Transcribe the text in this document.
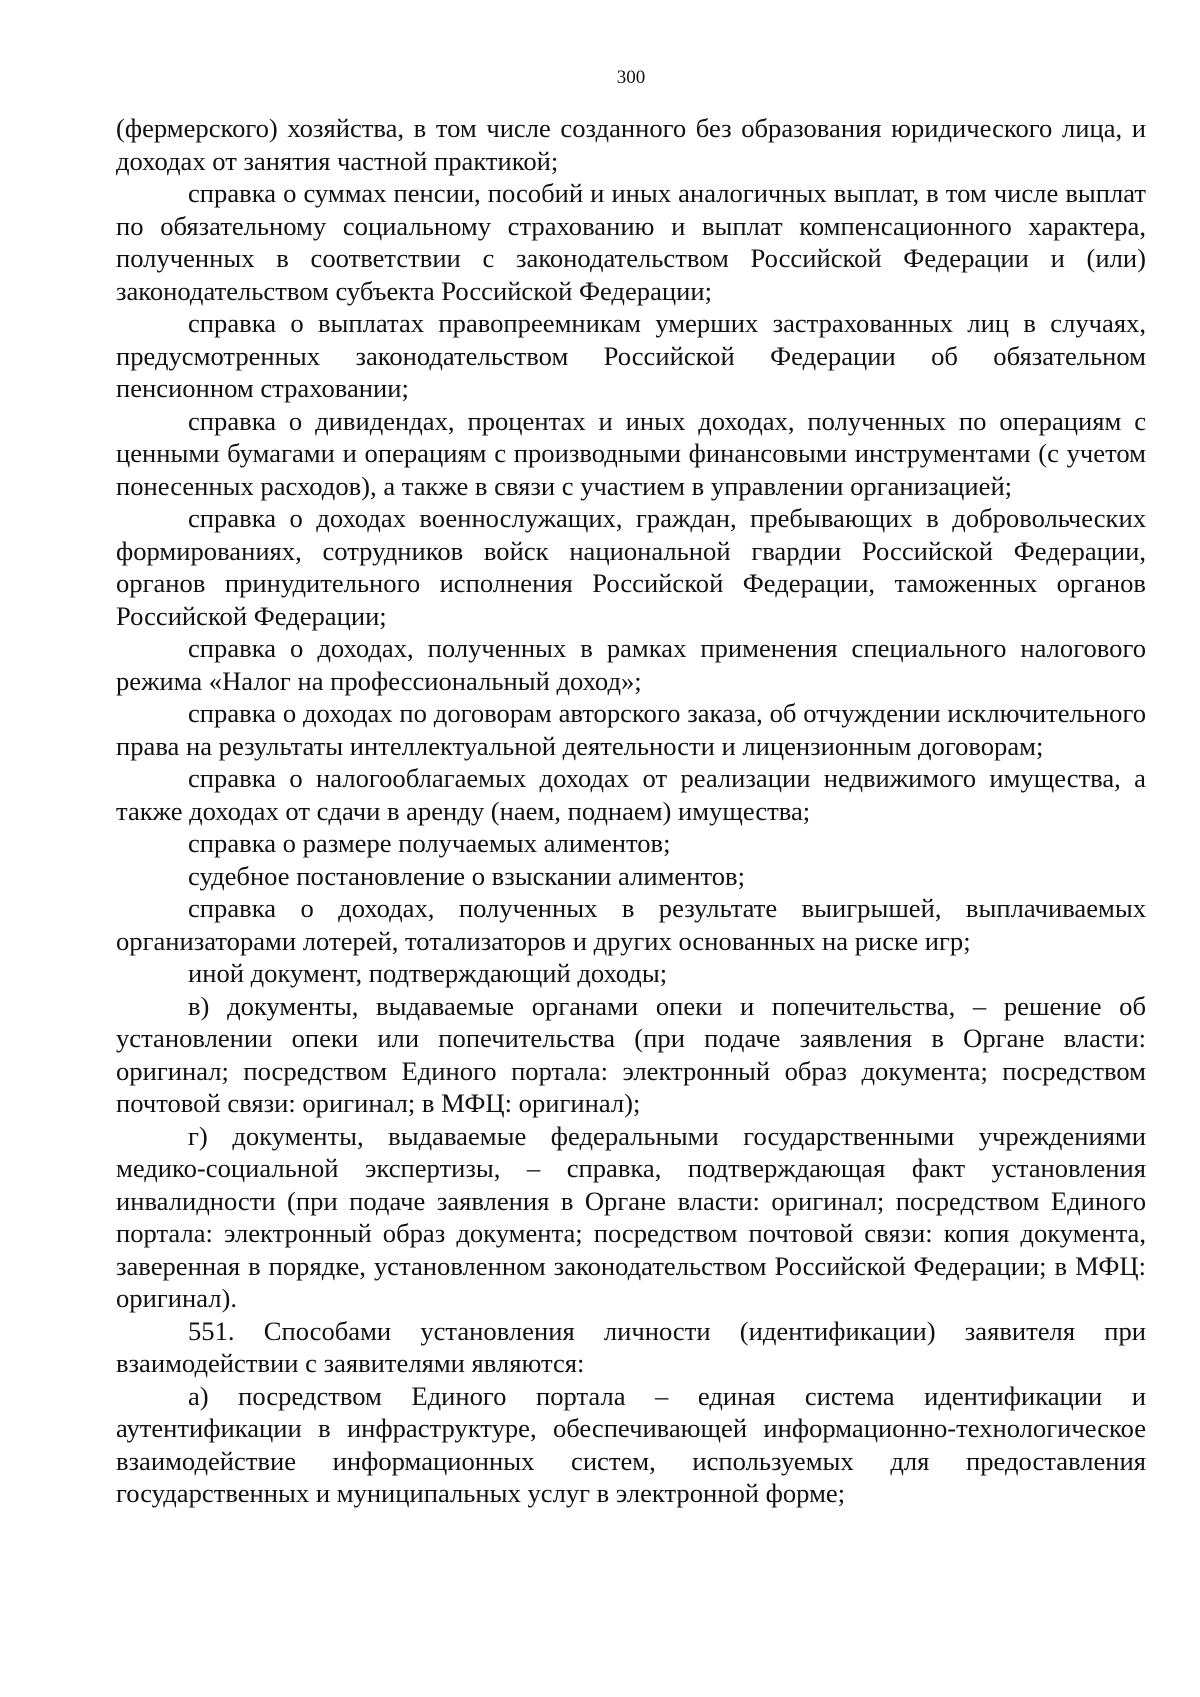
300

(фермерского) хозяйства, в том числе созданного без образования юридического лица, и доходах от занятия частной практикой;

справка о суммах пенсии, пособий и иных аналогичных выплат, в том числе выплат по обязательному социальному страхованию и выплат компенсационного характера, полученных в соответствии с законодательством Российской Федерации и (или) законодательством субъекта Российской Федерации;

справка о выплатах правопреемникам умерших застрахованных лиц в случаях, предусмотренных законодательством Российской Федерации об обязательном пенсионном страховании;

справка о дивидендах, процентах и иных доходах, полученных по операциям с ценными бумагами и операциям с производными финансовыми инструментами (с учетом понесенных расходов), а также в связи с участием в управлении организацией;

справка о доходах военнослужащих, граждан, пребывающих в добровольческих формированиях, сотрудников войск национальной гвардии Российской Федерации, органов принудительного исполнения Российской Федерации, таможенных органов Российской Федерации;

справка о доходах, полученных в рамках применения специального налогового режима «Налог на профессиональный доход»;

справка о доходах по договорам авторского заказа, об отчуждении исключительного права на результаты интеллектуальной деятельности и лицензионным договорам;

справка о налогооблагаемых доходах от реализации недвижимого имущества, а также доходах от сдачи в аренду (наем, поднаем) имущества;

справка о размере получаемых алиментов;

судебное постановление о взыскании алиментов;

справка о доходах, полученных в результате выигрышей, выплачиваемых организаторами лотерей, тотализаторов и других основанных на риске игр;

иной документ, подтверждающий доходы;

в) документы, выдаваемые органами опеки и попечительства, – решение об установлении опеки или попечительства (при подаче заявления в Органе власти: оригинал; посредством Единого портала: электронный образ документа; посредством почтовой связи: оригинал; в МФЦ: оригинал);

г) документы, выдаваемые федеральными государственными учреждениями медико-социальной экспертизы, – справка, подтверждающая факт установления инвалидности (при подаче заявления в Органе власти: оригинал; посредством Единого портала: электронный образ документа; посредством почтовой связи: копия документа, заверенная в порядке, установленном законодательством Российской Федерации; в МФЦ: оригинал).

551. Способами установления личности (идентификации) заявителя при взаимодействии с заявителями являются:

а) посредством Единого портала – единая система идентификации и аутентификации в инфраструктуре, обеспечивающей информационно-технологическое взаимодействие информационных систем, используемых для предоставления государственных и муниципальных услуг в электронной форме;
